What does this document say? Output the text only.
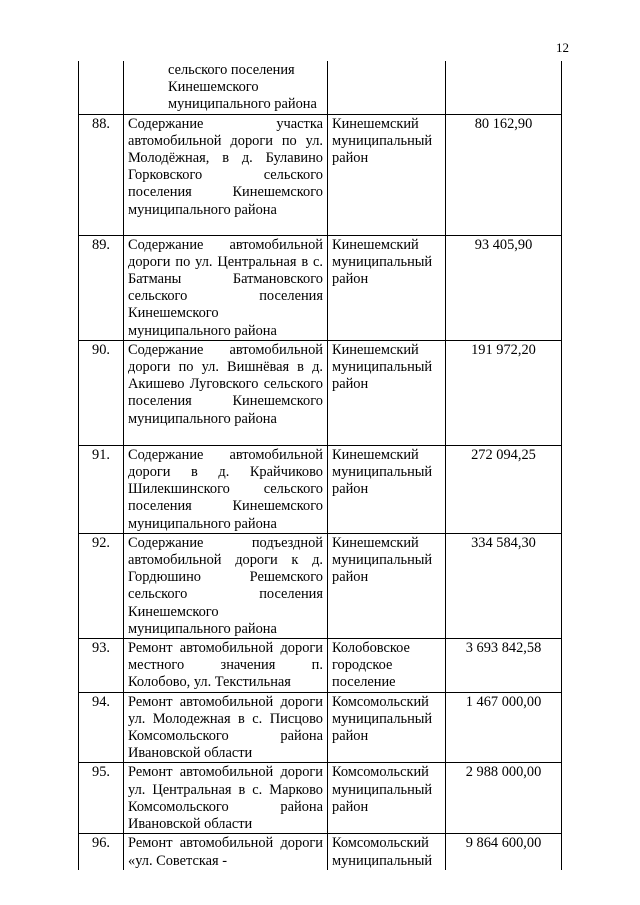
12
	сельского поселения Кинешемского муниципального района		
88.	Содержание участка автомобильной дороги по ул. Молодёжная, в д. Булавино Горковского сельского поселения Кинешемского муниципального района	Кинешемский муниципальный район	80 162,90
89.	Содержание автомобильной дороги по ул. Центральная в с. Батманы Батмановского сельского поселения Кинешемского муниципального района	Кинешемский муниципальный район	93 405,90
90.	Содержание автомобильной дороги по ул. Вишнёвая в д. Акишево Луговского сельского поселения Кинешемского муниципального района	Кинешемский муниципальный район	191 972,20
91.	Содержание автомобильной дороги в д. Крайчиково Шилекшинского сельского поселения Кинешемского муниципального района	Кинешемский муниципальный район	272 094,25
92.	Содержание подъездной автомобильной дороги к д. Гордюшино Решемского сельского поселения Кинешемского муниципального района	Кинешемский муниципальный район	334 584,30
93.	Ремонт автомобильной дороги местного значения п. Колобово, ул. Текстильная	Колобовское городское поселение	3 693 842,58
94.	Ремонт автомобильной дороги ул. Молодежная в с. Писцово Комсомольского района Ивановской области	Комсомольский муниципальный район	1 467 000,00
95.	Ремонт автомобильной дороги ул. Центральная в с. Марково Комсомольского района Ивановской области	Комсомольский муниципальный район	2 988 000,00
96.	Ремонт автомобильной дороги «ул. Советская -	Комсомольский муниципальный	9 864 600,00
